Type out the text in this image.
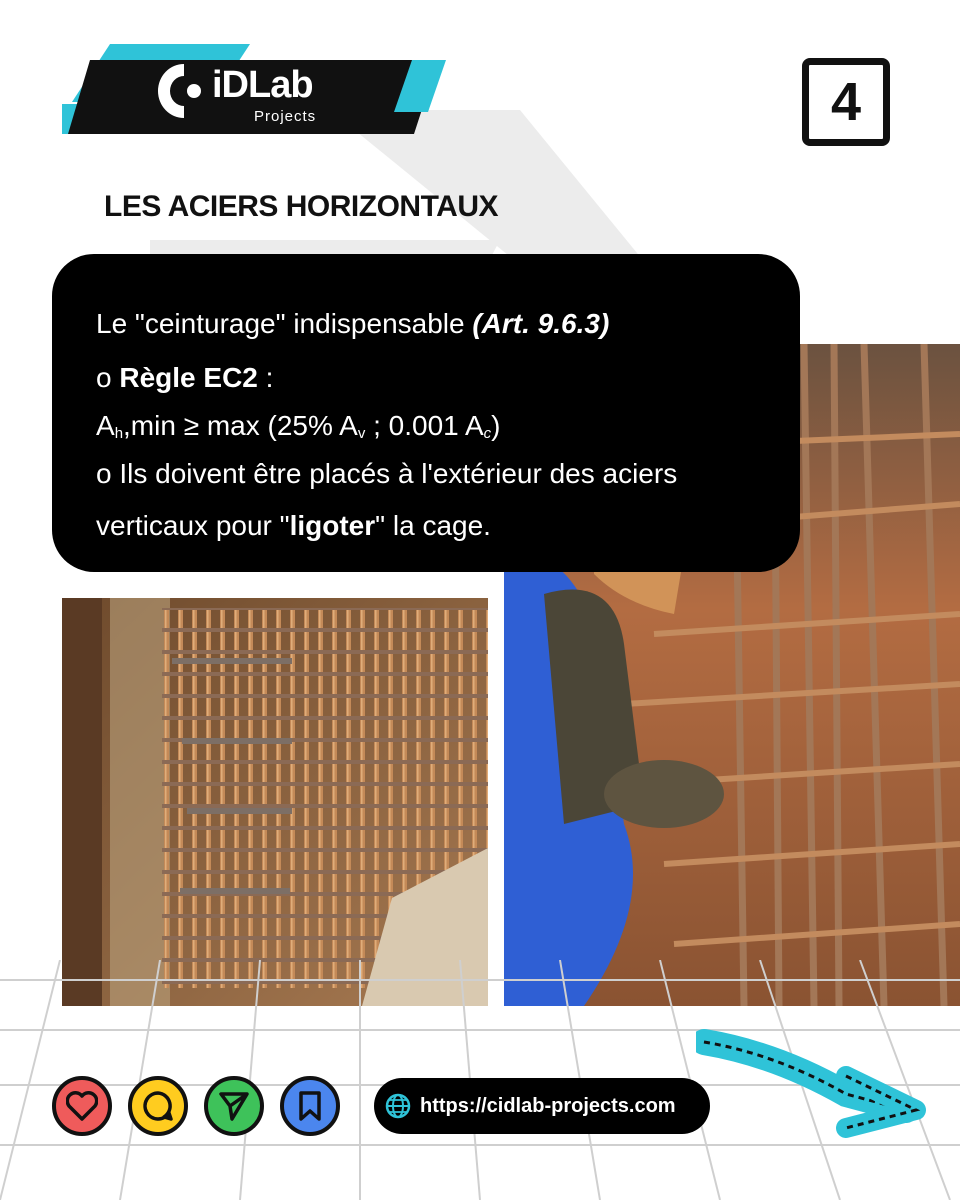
iDLab
Projects	4
LES ACIERS HORIZONTAUX
Le "ceinturage" indispensable (Art. 9.6.3)
o Règle EC2 :
$A_h,\min \ge \max (25\%$ $A_v$ ; 0.001 $A_c$)
o Ils doivent être placés à l'extérieur des aciers
verticaux pour "ligoter" la cage.
https://cidlab-projects.com
